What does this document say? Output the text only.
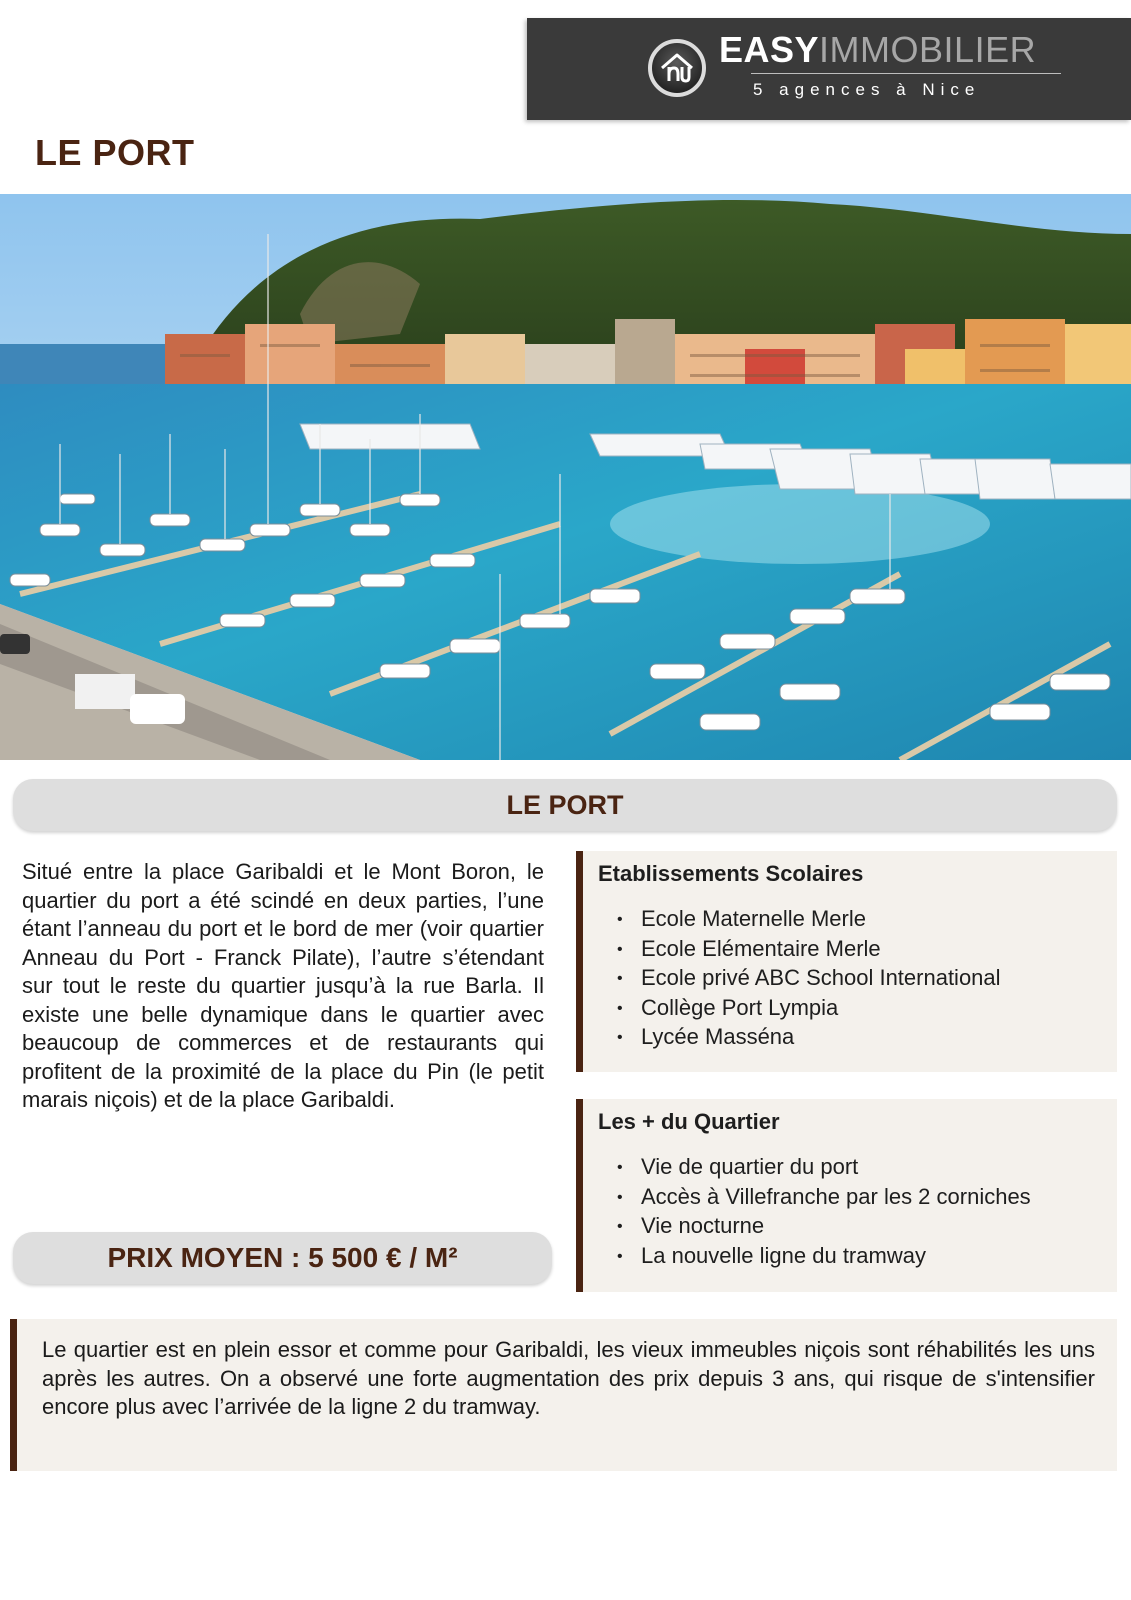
EASYIMMOBILIER
5 agences à Nice
LE PORT
LE PORT

Situé entre la place Garibaldi et le Mont Boron, le quartier du port a été scindé en deux parties, l’une étant l’anneau du port et le bord de mer (voir quartier Anneau du Port - Franck Pilate), l’autre s’étendant sur tout le reste du quartier jusqu’à la rue Barla. Il existe une belle dynamique dans le quartier avec beaucoup de commerces et de restaurants qui profitent de la proximité de la place du Pin (le petit marais niçois) et de la place Garibaldi.

PRIX MOYEN : 5 500 € / M²
Etablissements Scolaires
• Ecole Maternelle Merle
• Ecole Elémentaire Merle
• Ecole privé ABC School International
• Collège Port Lympia
• Lycée Masséna
Les + du Quartier
• Vie de quartier du port
• Accès à Villefranche par les 2 corniches
• Vie nocturne
• La nouvelle ligne du tramway

Le quartier est en plein essor et comme pour Garibaldi, les vieux immeubles niçois sont réhabilités les uns après les autres. On a observé une forte augmentation des prix depuis 3 ans, qui risque de s'intensifier encore plus avec l’arrivée de la ligne 2 du tramway.
